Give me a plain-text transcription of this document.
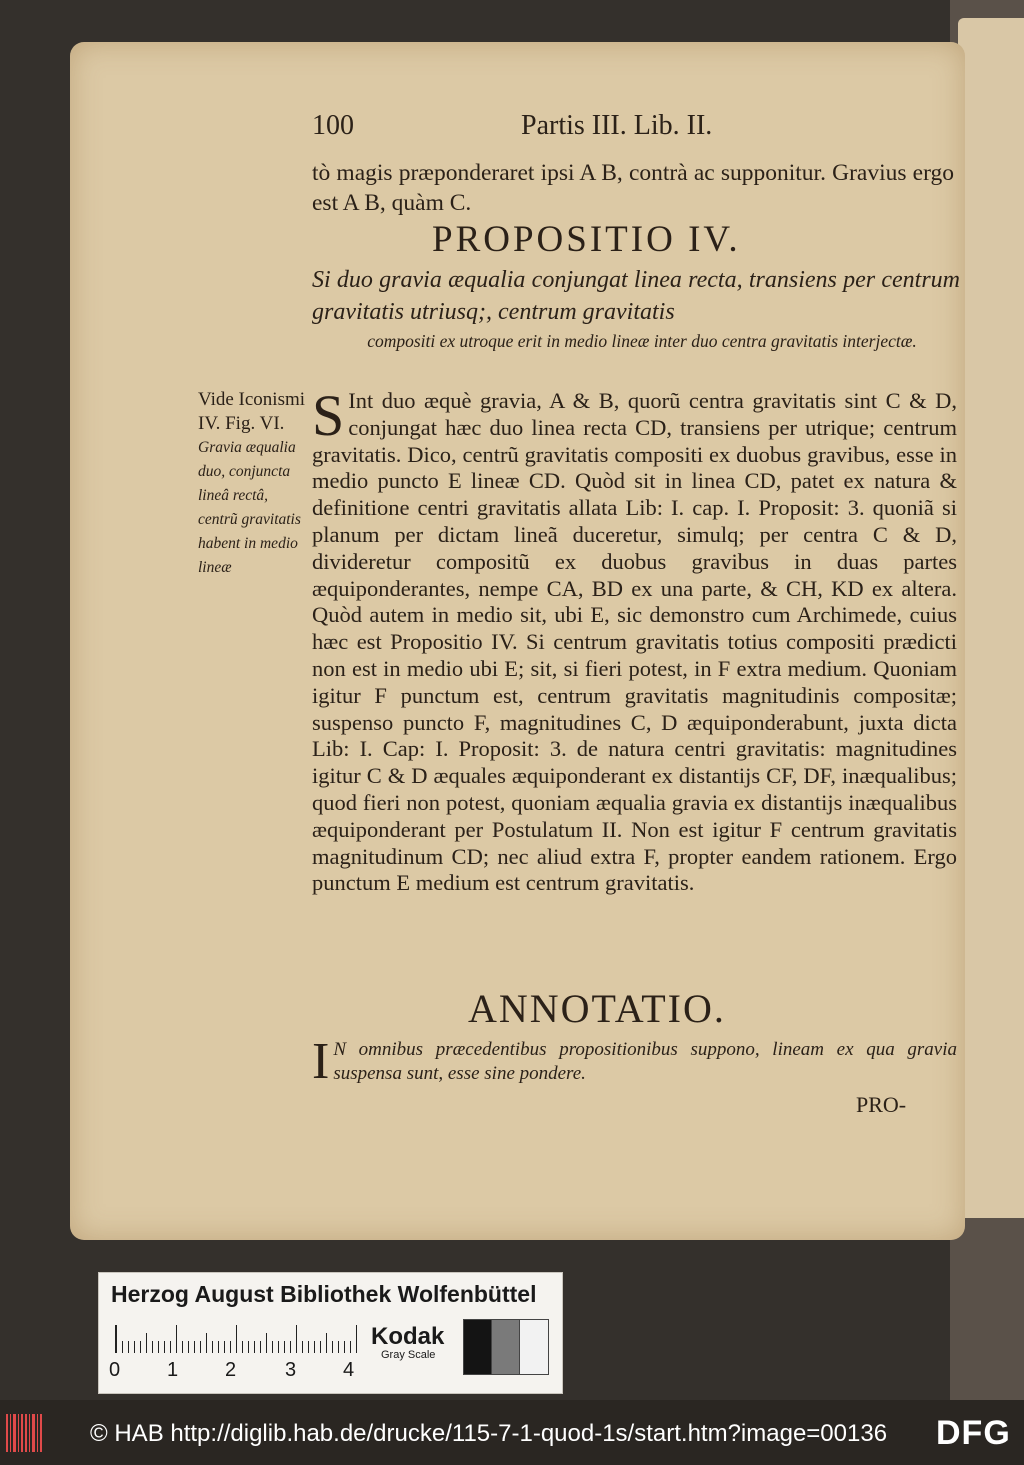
100	Partis III. Lib. II.
tò magis præponderaret ipsi A B, contrà ac supponitur. Gravius ergo est A B, quàm C.
PROPOSITIO IV.
Si duo gravia æqualia conjungat linea recta, transiens per centrum gravitatis utriusq;, centrum gravitatis
compositi ex utroque erit in medio lineæ inter duo centra gravitatis interjectæ.
Vide Iconismi IV. Fig. VI.
Gravia æqualia duo, conjuncta lineâ rectâ, centrũ gravitatis habent in medio lineæ
S Int duo æquè gravia, A & B, quorũ centra gravitatis sint C & D, conjungat hæc duo linea recta CD, transiens per utrique; centrum gravitatis. Dico, centrũ gravitatis compositi ex duobus gravibus, esse in medio puncto E lineæ CD. Quòd sit in linea CD, patet ex natura & definitione centri gravitatis allata Lib: I. cap. I. Proposit: 3. quoniã si planum per dictam lineã duceretur, simulq; per centra C & D, divideretur compositũ ex duobus gravibus in duas partes æquiponderantes, nempe CA, BD ex una parte, & CH, KD ex altera. Quòd autem in medio sit, ubi E, sic demonstro cum Archimede, cuius hæc est Propositio IV. Si centrum gravitatis totius compositi prædicti non est in medio ubi E; sit, si fieri potest, in F extra medium. Quoniam igitur F punctum est, centrum gravitatis magnitudinis compositæ; suspenso puncto F, magnitudines C, D æquiponderabunt, juxta dicta Lib: I. Cap: I. Proposit: 3. de natura centri gravitatis: magnitudines igitur C & D æquales æquiponderant ex distantijs CF, DF, inæqualibus; quod fieri non potest, quoniam æqualia gravia ex distantijs inæqualibus æquiponderant per Postulatum II. Non est igitur F centrum gravitatis magnitudinum CD; nec aliud extra F, propter eandem rationem. Ergo punctum E medium est centrum gravitatis.
ANNOTATIO.
I N omnibus præcedentibus propositionibus suppono, lineam ex qua gravia suspensa sunt, esse sine pondere.
PRO-
Herzog August Bibliothek Wolfenbüttel
0 1 2 3 4
Kodak
Gray Scale
© HAB http://diglib.hab.de/drucke/115-7-1-quod-1s/start.htm?image=00136 DFG
